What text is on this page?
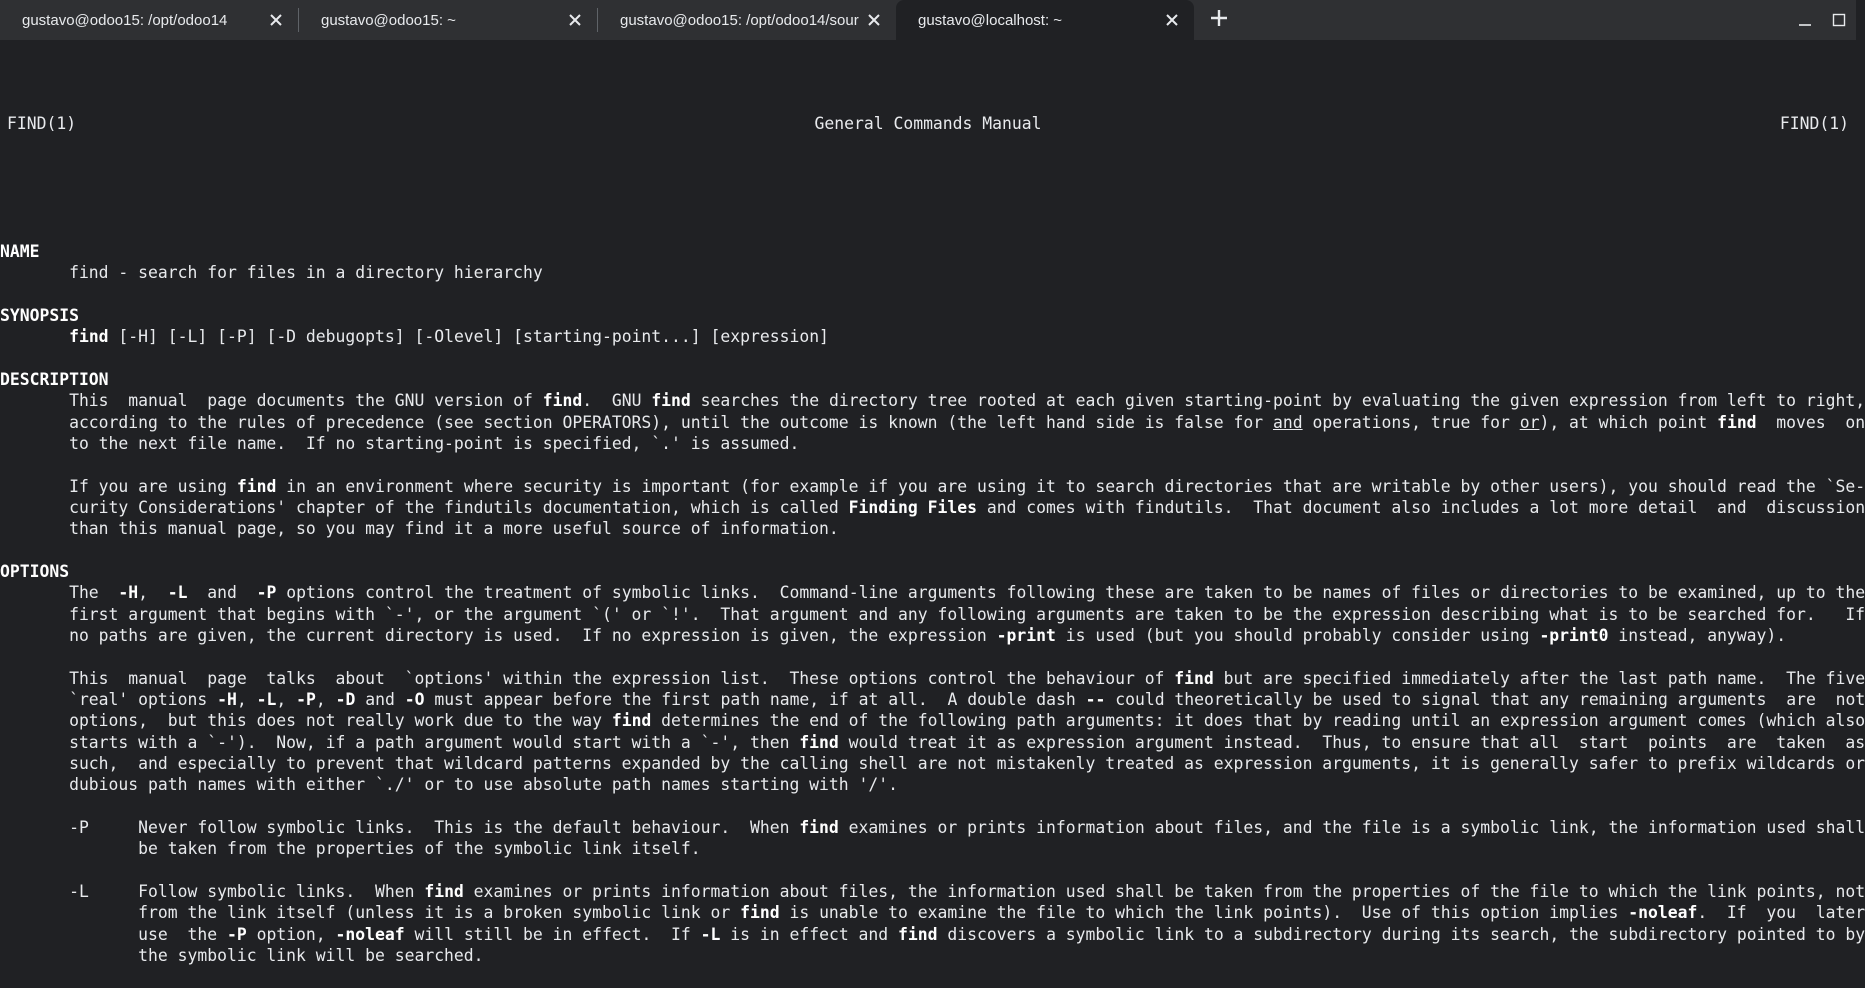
gustavo@odoo15: /opt/odoo14	gustavo@odoo15: ~	gustavo@odoo15: /opt/odoo14/sour	gustavo@localhost: ~

FIND(1)	General Commands Manual	FIND(1)

NAME
find - search for files in a directory hierarchy
SYNOPSIS
find [-H] [-L] [-P] [-D debugopts] [-Olevel] [starting-point...] [expression]
DESCRIPTION
This  manual  page documents the GNU version of find.  GNU find searches the directory tree rooted at each given starting-point by evaluating the given expression from left to right,
according to the rules of precedence (see section OPERATORS), until the outcome is known (the left hand side is false for and operations, true for or), at which point find  moves  on
to the next file name.  If no starting-point is specified, `.' is assumed.
If you are using find in an environment where security is important (for example if you are using it to search directories that are writable by other users), you should read the `Se‐
curity Considerations' chapter of the findutils documentation, which is called Finding Files and comes with findutils.  That document also includes a lot more detail  and  discussion
than this manual page, so you may find it a more useful source of information.
OPTIONS
The  -H,  -L  and  -P options control the treatment of symbolic links.  Command-line arguments following these are taken to be names of files or directories to be examined, up to the
first argument that begins with `-', or the argument `(' or `!'.  That argument and any following arguments are taken to be the expression describing what is to be searched for.   If
no paths are given, the current directory is used.  If no expression is given, the expression -print is used (but you should probably consider using -print0 instead, anyway).
This  manual  page  talks  about  `options' within the expression list.  These options control the behaviour of find but are specified immediately after the last path name.  The five
`real' options -H, -L, -P, -D and -O must appear before the first path name, if at all.  A double dash -- could theoretically be used to signal that any remaining arguments  are  not
options,  but this does not really work due to the way find determines the end of the following path arguments: it does that by reading until an expression argument comes (which also
starts with a `-').  Now, if a path argument would start with a `-', then find would treat it as expression argument instead.  Thus, to ensure that all  start  points  are  taken  as
such,  and especially to prevent that wildcard patterns expanded by the calling shell are not mistakenly treated as expression arguments, it is generally safer to prefix wildcards or
dubious path names with either `./' or to use absolute path names starting with '/'.
-P     Never follow symbolic links.  This is the default behaviour.  When find examines or prints information about files, and the file is a symbolic link, the information used shall
be taken from the properties of the symbolic link itself.
-L     Follow symbolic links.  When find examines or prints information about files, the information used shall be taken from the properties of the file to which the link points, not
from the link itself (unless it is a broken symbolic link or find is unable to examine the file to which the link points).  Use of this option implies -noleaf.  If  you  later
use  the -P option, -noleaf will still be in effect.  If -L is in effect and find discovers a symbolic link to a subdirectory during its search, the subdirectory pointed to by
the symbolic link will be searched.
